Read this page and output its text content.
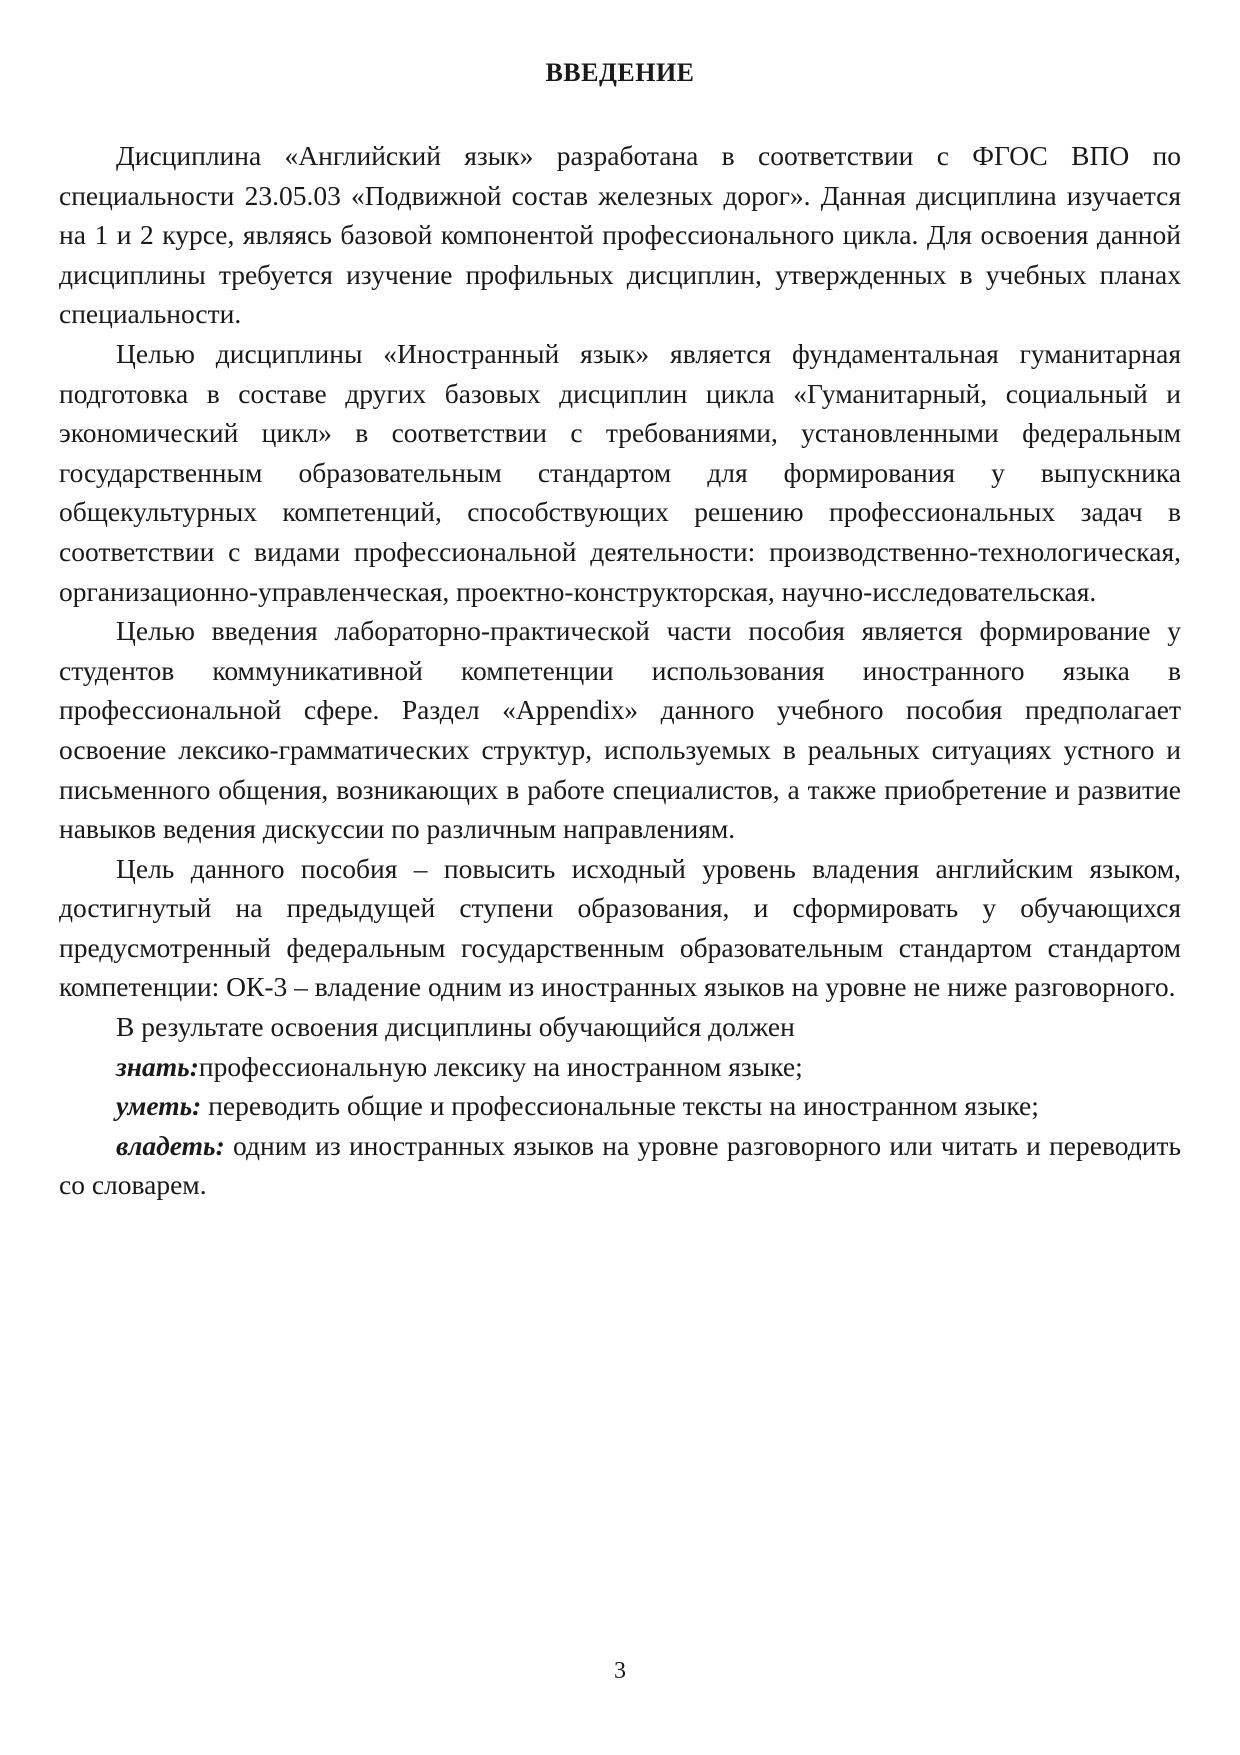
ВВЕДЕНИЕ

Дисциплина «Английский язык» разработана в соответствии с ФГОС ВПО по специальности 23.05.03 «Подвижной состав железных дорог». Данная дисциплина изучается на 1 и 2 курсе, являясь базовой компонентой профессионального цикла. Для освоения данной дисциплины требуется изучение профильных дисциплин, утвержденных в учебных планах специальности.

Целью дисциплины «Иностранный язык» является фундаментальная гуманитарная подготовка в составе других базовых дисциплин цикла «Гуманитарный, социальный и экономический цикл» в соответствии с требованиями, установленными федеральным государственным образовательным стандартом для формирования у выпускника общекультурных компетенций, способствующих решению профессиональных задач в соответствии с видами профессиональной деятельности: производственно-технологическая, организационно-управленческая, проектно-конструкторская, научно-исследовательская.

Целью введения лабораторно-практической части пособия является формирование у студентов коммуникативной компетенции использования иностранного языка в профессиональной сфере. Раздел «Appendix» данного учебного пособия предполагает освоение лексико-грамматических структур, используемых в реальных ситуациях устного и письменного общения, возникающих в работе специалистов, а также приобретение и развитие навыков ведения дискуссии по различным направлениям.

Цель данного пособия – повысить исходный уровень владения английским языком, достигнутый на предыдущей ступени образования, и сформировать у обучающихся предусмотренный федеральным государственным образовательным стандартом стандартом компетенции: ОК-3 – владение одним из иностранных языков на уровне не ниже разговорного.

В результате освоения дисциплины обучающийся должен

знать:профессиональную лексику на иностранном языке;

уметь: переводить общие и профессиональные тексты на иностранном языке;

владеть: одним из иностранных языков на уровне разговорного или читать и переводить со словарем.

3
